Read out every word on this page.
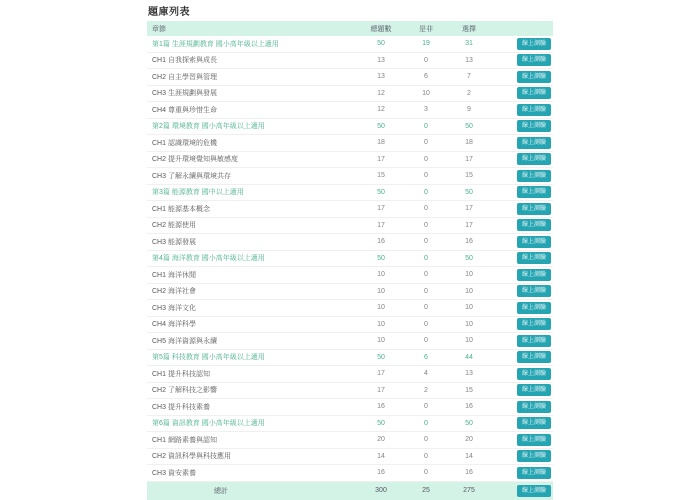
題庫列表
章節	總題數	是非	選擇
第1篇 生涯規劃教育 國小高年級以上適用	50	19	31	線上測驗
CH1 自我探索與成長	13	0	13	線上測驗
CH2 自主學習與管理	13	6	7	線上測驗
CH3 生涯規劃與發展	12	10	2	線上測驗
CH4 尊重與珍惜生命	12	3	9	線上測驗
第2篇 環境教育 國小高年級以上適用	50	0	50	線上測驗
CH1 認識環境的危機	18	0	18	線上測驗
CH2 提升環境覺知與敏感度	17	0	17	線上測驗
CH3 了解永續與環境共存	15	0	15	線上測驗
第3篇 能源教育 國中以上適用	50	0	50	線上測驗
CH1 能源基本概念	17	0	17	線上測驗
CH2 能源使用	17	0	17	線上測驗
CH3 能源發展	16	0	16	線上測驗
第4篇 海洋教育 國小高年級以上適用	50	0	50	線上測驗
CH1 海洋休閒	10	0	10	線上測驗
CH2 海洋社會	10	0	10	線上測驗
CH3 海洋文化	10	0	10	線上測驗
CH4 海洋科學	10	0	10	線上測驗
CH5 海洋資源與永續	10	0	10	線上測驗
第5篇 科技教育 國小高年級以上適用	50	6	44	線上測驗
CH1 提升科技認知	17	4	13	線上測驗
CH2 了解科技之影響	17	2	15	線上測驗
CH3 提升科技素養	16	0	16	線上測驗
第6篇 資訊教育 國小高年級以上適用	50	0	50	線上測驗
CH1 網路素養與認知	20	0	20	線上測驗
CH2 資訊科學與科技應用	14	0	14	線上測驗
CH3 資安素養	16	0	16	線上測驗
總計	300	25	275	線上測驗
